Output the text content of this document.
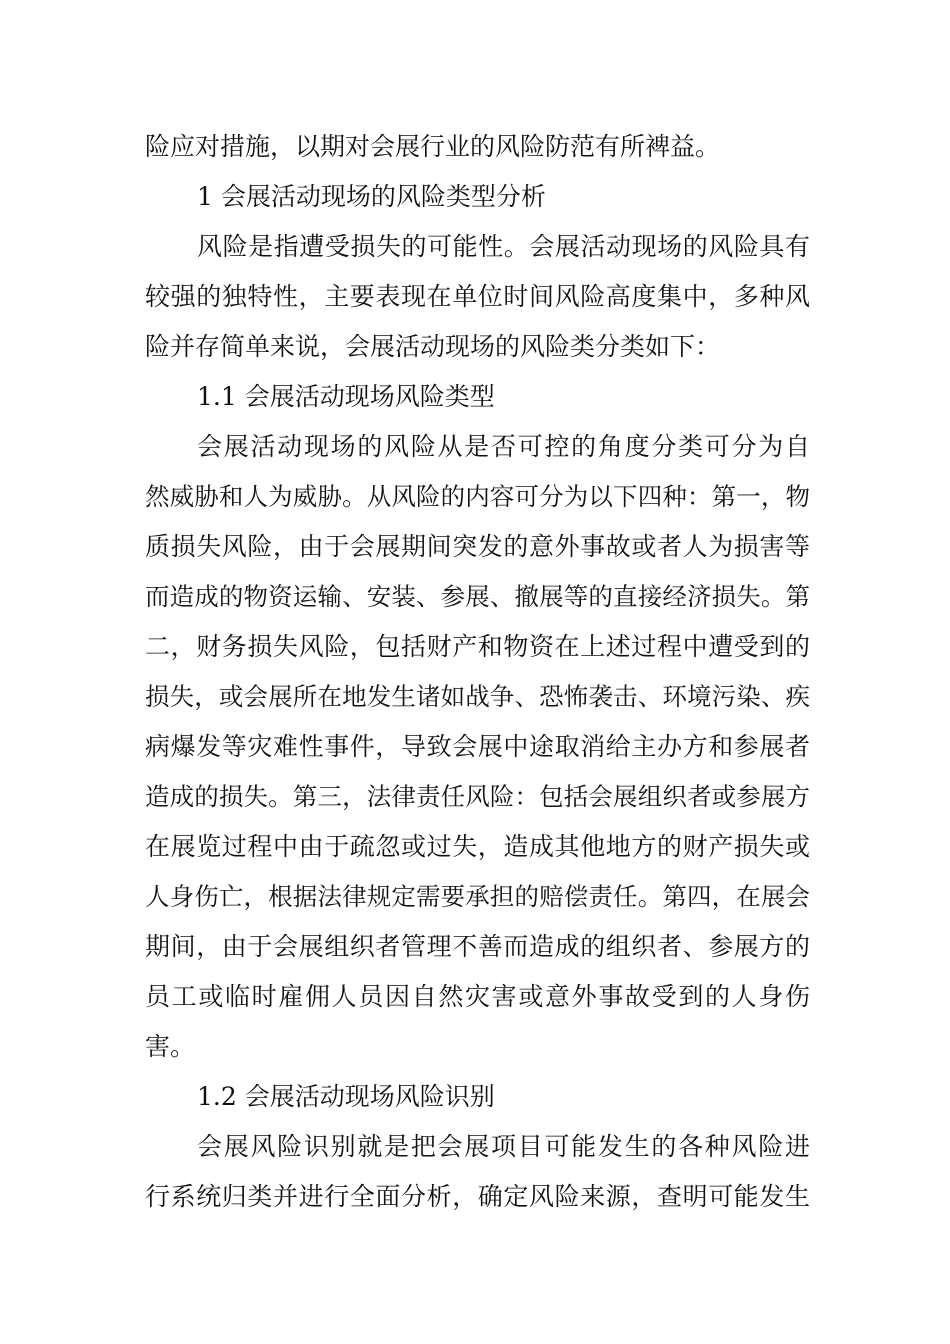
险应对措施，以期对会展行业的风险防范有所裨益。
1 会展活动现场的风险类型分析
风险是指遭受损失的可能性。会展活动现场的风险具有
较强的独特性，主要表现在单位时间风险高度集中，多种风
险并存简单来说，会展活动现场的风险类分类如下：
1.1 会展活动现场风险类型
会展活动现场的风险从是否可控的角度分类可分为自
然威胁和人为威胁。从风险的内容可分为以下四种：第一，物
质损失风险，由于会展期间突发的意外事故或者人为损害等
而造成的物资运输、安装、参展、撤展等的直接经济损失。第
二，财务损失风险，包括财产和物资在上述过程中遭受到的
损失，或会展所在地发生诸如战争、恐怖袭击、环境污染、疾
病爆发等灾难性事件，导致会展中途取消给主办方和参展者
造成的损失。第三，法律责任风险：包括会展组织者或参展方
在展览过程中由于疏忽或过失，造成其他地方的财产损失或
人身伤亡，根据法律规定需要承担的赔偿责任。第四，在展会
期间，由于会展组织者管理不善而造成的组织者、参展方的
员工或临时雇佣人员因自然灾害或意外事故受到的人身伤
害。
1.2 会展活动现场风险识别
会展风险识别就是把会展项目可能发生的各种风险进
行系统归类并进行全面分析，确定风险来源，查明可能发生
